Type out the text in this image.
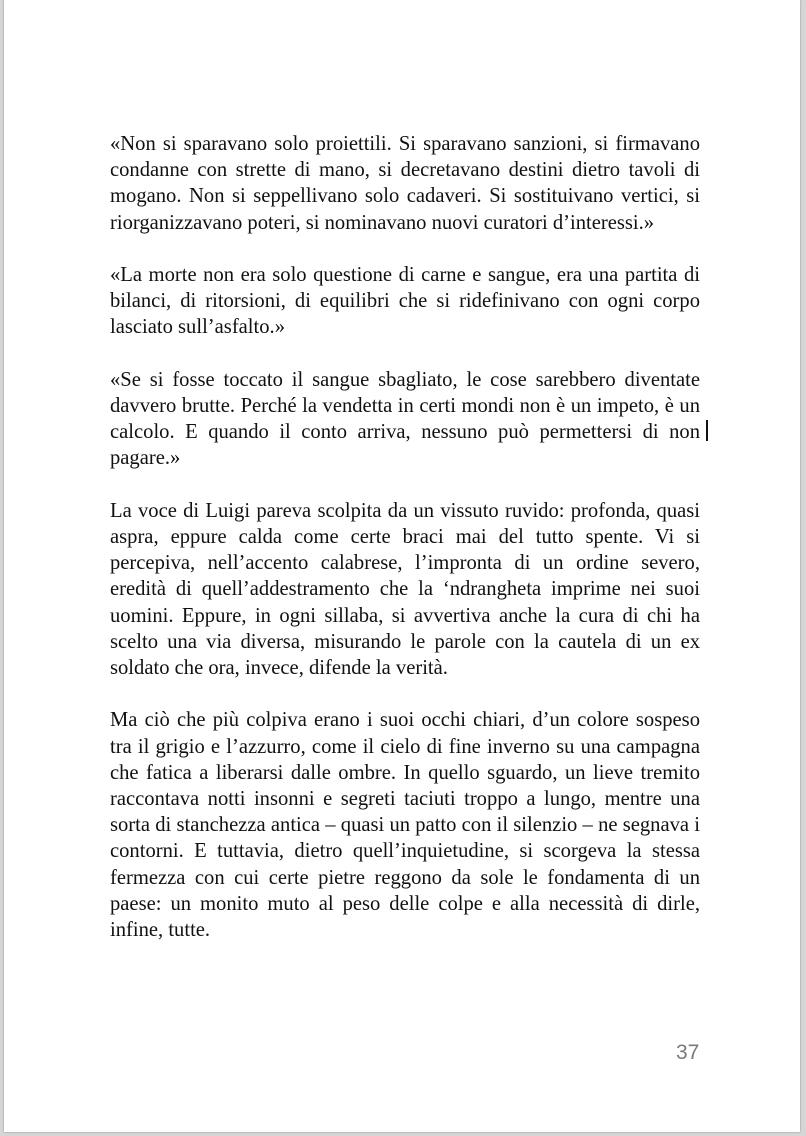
«Non si sparavano solo proiettili. Si sparavano sanzioni, si firmavano condanne con strette di mano, si decretavano destini dietro tavoli di mogano. Non si seppellivano solo cadaveri. Si sostituivano vertici, si riorganizzavano poteri, si nominavano nuovi curatori d’interessi.»

«La morte non era solo questione di carne e sangue, era una partita di bilanci, di ritorsioni, di equilibri che si ridefinivano con ogni corpo lasciato sull’asfalto.»

«Se si fosse toccato il sangue sbagliato, le cose sarebbero diventate davvero brutte. Perché la vendetta in certi mondi non è un impeto, è un calcolo. E quando il conto arriva, nessuno può permettersi di non pagare.»

La voce di Luigi pareva scolpita da un vissuto ruvido: profonda, quasi aspra, eppure calda come certe braci mai del tutto spente. Vi si percepiva, nell’accento calabrese, l’impronta di un ordine severo, eredità di quell’addestramento che la ‘ndrangheta imprime nei suoi uomini. Eppure, in ogni sillaba, si avvertiva anche la cura di chi ha scelto una via diversa, misurando le parole con la cautela di un ex soldato che ora, invece, difende la verità.

Ma ciò che più colpiva erano i suoi occhi chiari, d’un colore sospeso tra il grigio e l’azzurro, come il cielo di fine inverno su una campagna che fatica a liberarsi dalle ombre. In quello sguardo, un lieve tremito raccontava notti insonni e segreti taciuti troppo a lungo, mentre una sorta di stanchezza antica – quasi un patto con il silenzio – ne segnava i contorni. E tuttavia, dietro quell’inquietudine, si scorgeva la stessa fermezza con cui certe pietre reggono da sole le fondamenta di un paese: un monito muto al peso delle colpe e alla necessità di dirle, infine, tutte.

37
